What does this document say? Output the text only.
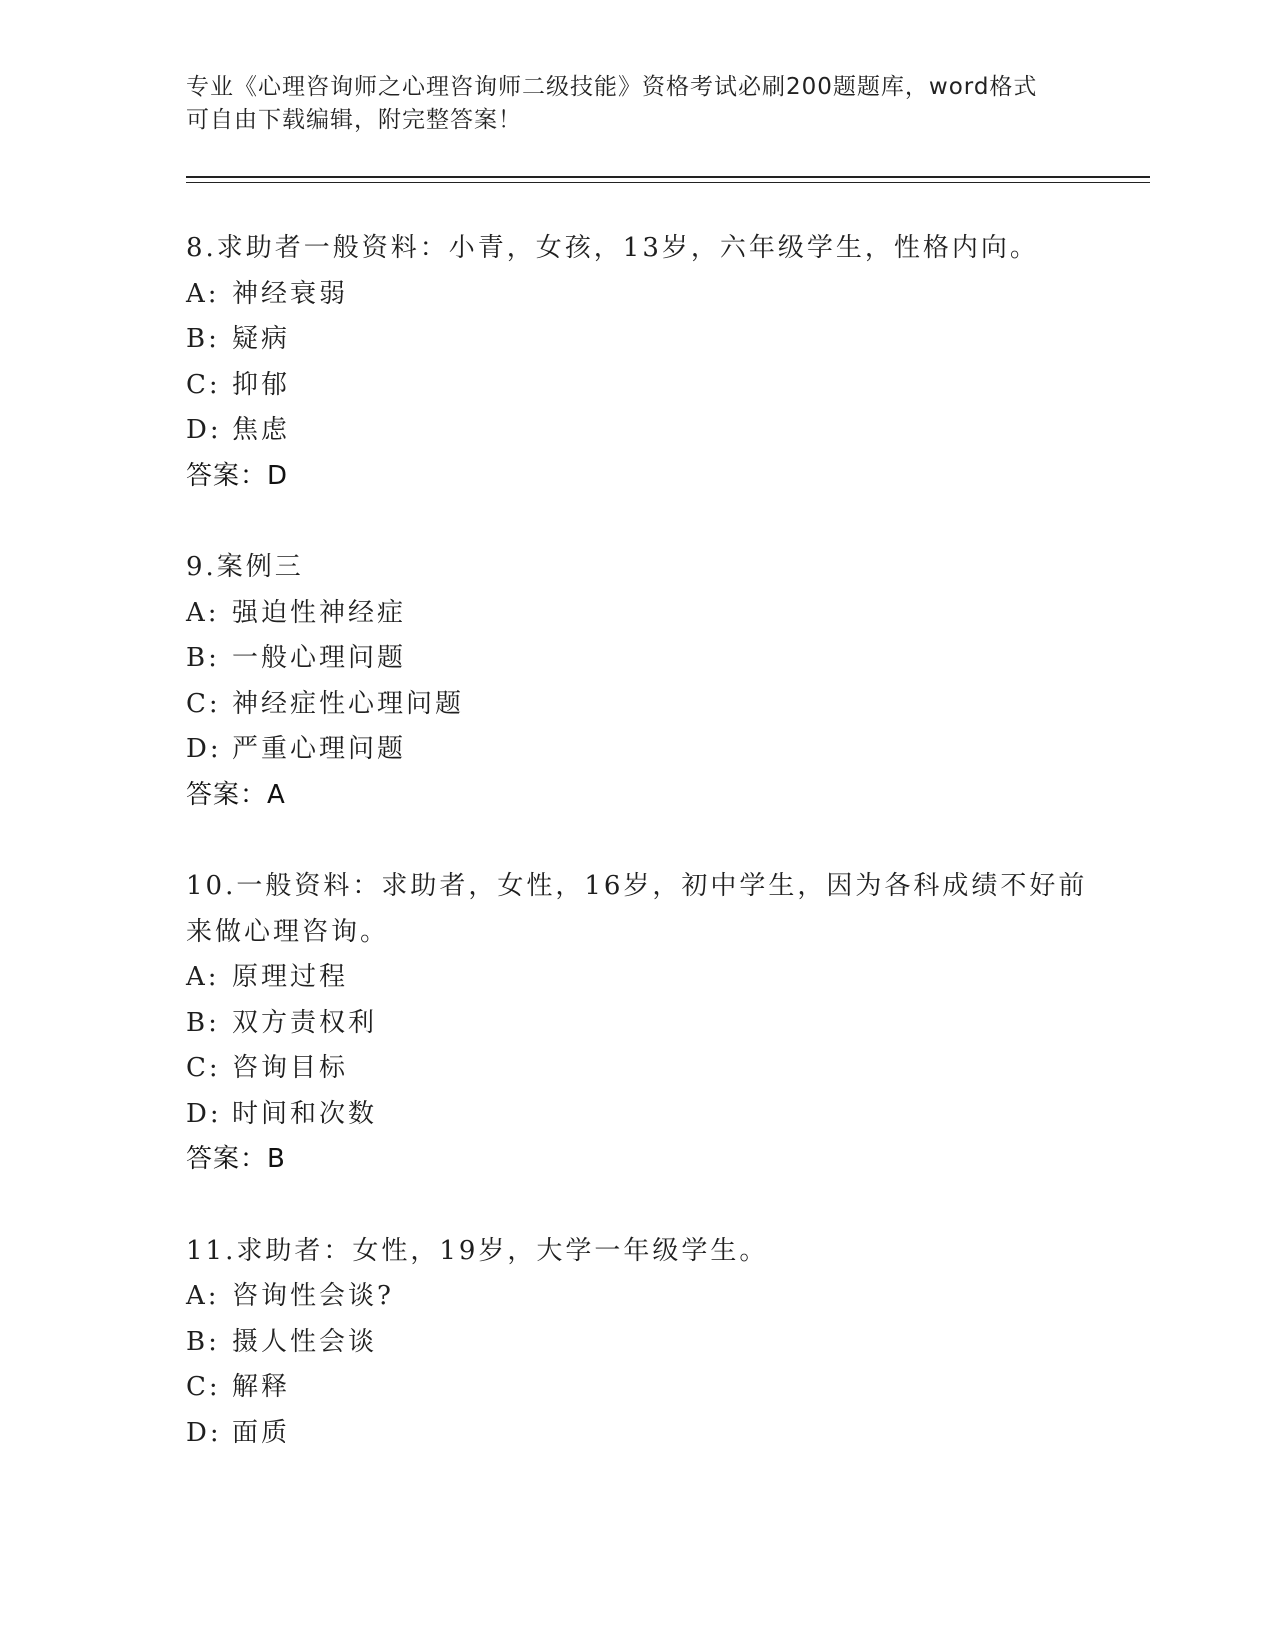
专业《心理咨询师之心理咨询师二级技能》资格考试必刷200题题库，word格式
可自由下载编辑，附完整答案！
8.求助者一般资料：小青，女孩，13岁，六年级学生，性格内向。
A: 神经衰弱
B: 疑病
C: 抑郁
D: 焦虑
答案：D
9.案例三
A: 强迫性神经症
B: 一般心理问题
C: 神经症性心理问题
D: 严重心理问题
答案：A
10.一般资料：求助者，女性，16岁，初中学生，因为各科成绩不好前
来做心理咨询。
A: 原理过程
B: 双方责权利
C: 咨询目标
D: 时间和次数
答案：B
11.求助者：女性，19岁，大学一年级学生。
A: 咨询性会谈?
B: 摄人性会谈
C: 解释
D: 面质
